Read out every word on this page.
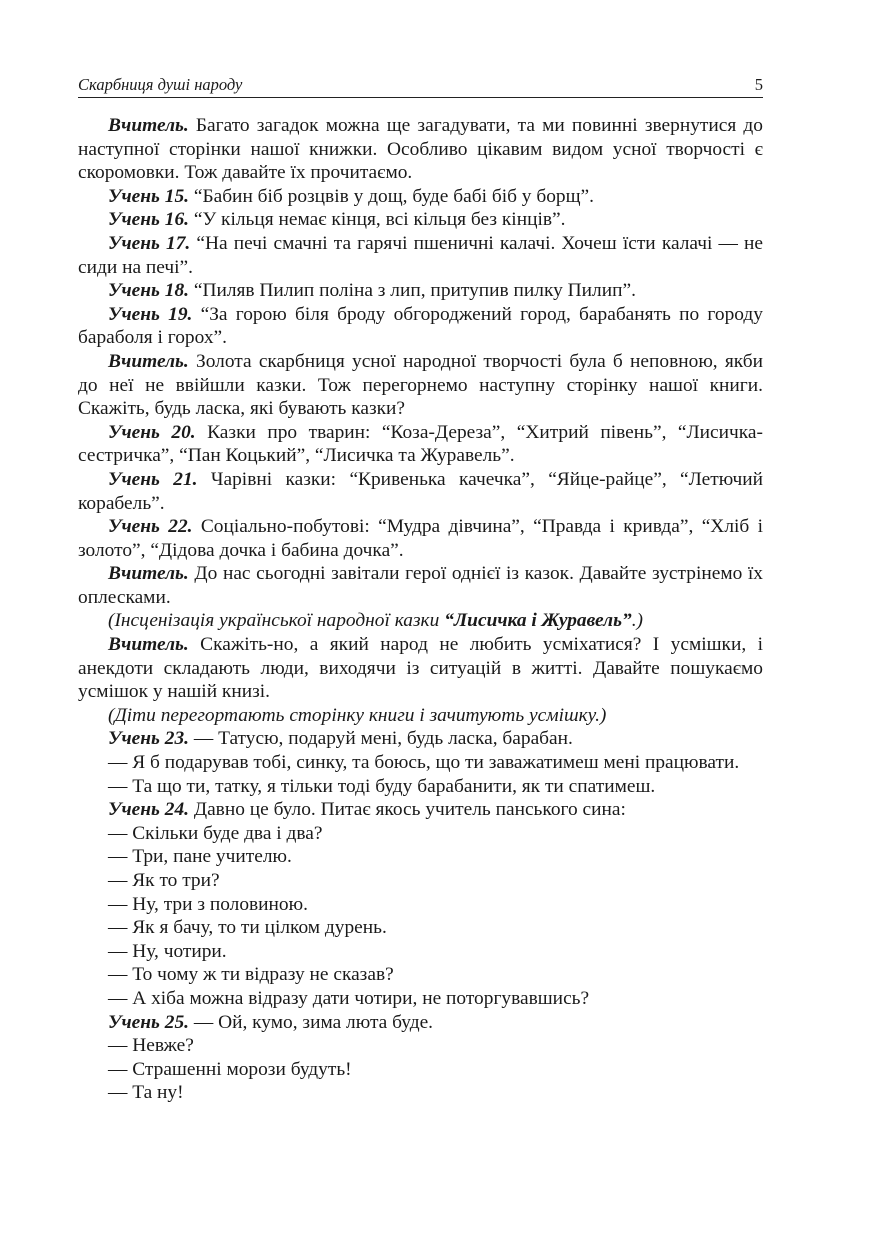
Скарбниця душі народу	5

Вчитель. Багато загадок можна ще загадувати, та ми повинні звернутися до наступної сторінки нашої книжки. Особливо цікавим видом усної творчості є скоромовки. Тож давайте їх прочитаємо.

Учень 15. “Бабин біб розцвів у дощ, буде бабі біб у борщ”.

Учень 16. “У кільця немає кінця, всі кільця без кінців”.

Учень 17. “На печі смачні та гарячі пшеничні калачі. Хочеш їсти калачі — не сиди на печі”.

Учень 18. “Пиляв Пилип поліна з лип, притупив пилку Пилип”.

Учень 19. “За горою біля броду обгороджений город, барабанять по городу бараболя і горох”.

Вчитель. Золота скарбниця усної народної творчості була б неповною, якби до неї не ввійшли казки. Тож перегорнемо наступну сторінку нашої книги. Скажіть, будь ласка, які бувають казки?

Учень 20. Казки про тварин: “Коза-Дереза”, “Хитрий півень”, “Лисичка-сестричка”, “Пан Коцький”, “Лисичка та Журавель”.

Учень 21. Чарівні казки: “Кривенька качечка”, “Яйце-райце”, “Летючий корабель”.

Учень 22. Соціально-побутові: “Мудра дівчина”, “Правда і кривда”, “Хліб і золото”, “Дідова дочка і бабина дочка”.

Вчитель. До нас сьогодні завітали герої однієї із казок. Давайте зустрінемо їх оплесками.

(Інсценізація української народної казки “Лисичка і Журавель”.)

Вчитель. Скажіть-но, а який народ не любить усміхатися? І усмішки, і анекдоти складають люди, виходячи із ситуацій в житті. Давайте пошукаємо усмішок у нашій книзі.

(Діти перегортають сторінку книги і зачитують усмішку.)

Учень 23. — Татусю, подаруй мені, будь ласка, барабан.

— Я б подарував тобі, синку, та боюсь, що ти заважатимеш мені працювати.

— Та що ти, татку, я тільки тоді буду барабанити, як ти спатимеш.

Учень 24. Давно це було. Питає якось учитель панського сина:

— Скільки буде два і два?

— Три, пане учителю.

— Як то три?

— Ну, три з половиною.

— Як я бачу, то ти цілком дурень.

— Ну, чотири.

— То чому ж ти відразу не сказав?

— А хіба можна відразу дати чотири, не поторгувавшись?

Учень 25. — Ой, кумо, зима люта буде.

— Невже?

— Страшенні морози будуть!

— Та ну!
